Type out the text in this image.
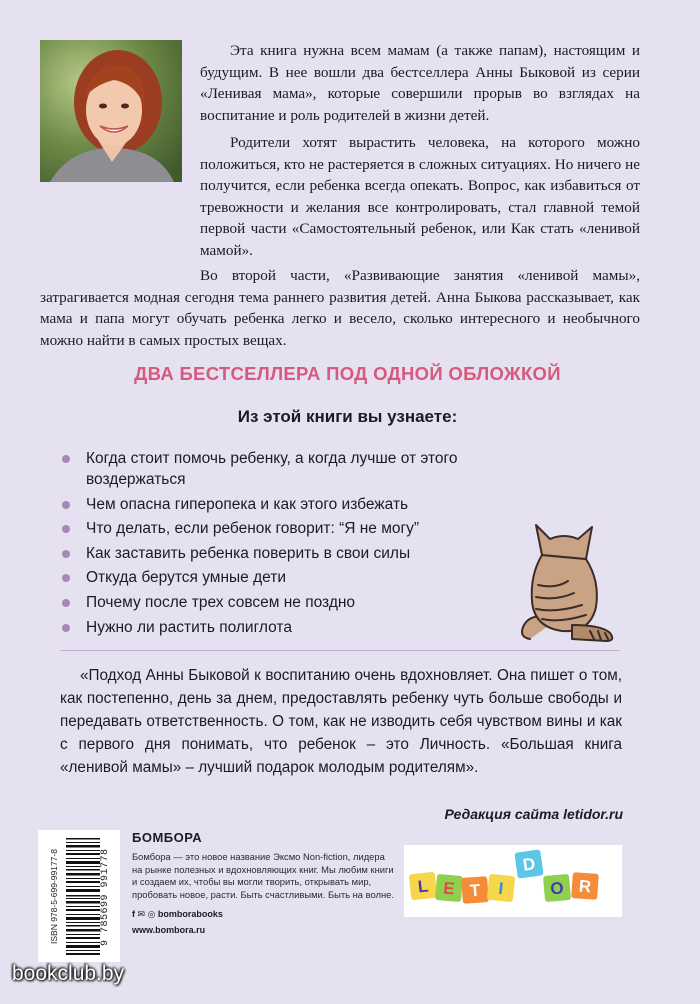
Эта книга нужна всем мамам (а также папам), настоящим и будущим. В нее вошли два бестселлера Анны Быковой из серии «Ленивая мама», которые совершили прорыв во взглядах на воспитание и роль родителей в жизни детей.

Родители хотят вырастить человека, на которого можно положиться, кто не растеряется в сложных ситуациях. Но ничего не получится, если ребенка всегда опекать. Вопрос, как избавиться от тревожности и желания все контролировать, стал главной темой первой части «Самостоятельный ребенок, или Как стать «ленивой мамой».

Во второй части, «Развивающие занятия «ленивой мамы», затрагивается модная сегодня тема раннего развития детей. Анна Быкова рассказывает, как мама и папа могут обучать ребенка легко и весело, сколько интересного и необычного можно найти в самых простых вещах.

ДВА БЕСТСЕЛЛЕРА ПОД ОДНОЙ ОБЛОЖКОЙ
Из этой книги вы узнаете:
Когда стоит помочь ребенку, а когда лучше от этого воздержаться
Чем опасна гиперопека и как этого избежать
Что делать, если ребенок говорит: “Я не могу”
Как заставить ребенка поверить в свои силы
Откуда берутся умные дети
Почему после трех совсем не поздно
Нужно ли растить полиглота
«Подход Анны Быковой к воспитанию очень вдохновляет. Она пишет о том, как постепенно, день за днем, предоставлять ребенку чуть больше свободы и передавать ответственность. О том, как не изводить себя чувством вины и как с первого дня понимать, что ребенок – это Личность. «Большая книга «ленивой мамы» – лучший подарок молодым родителям».
Редакция сайта letidor.ru
ISBN 978-5-699-99177-8	9 785699 991778
БОМБОРА
Бомбора — это новое название Эксмо Non-fiction, лидера на рынке полезных и вдохновляющих книг. Мы любим книги и создаем их, чтобы вы могли творить, открывать мир, пробовать новое, расти. Быть счастливыми. Быть на волне.
f ✉ ◎ bomborabooks
www.bombora.ru
L E T I
D
O R
bookclub.by
